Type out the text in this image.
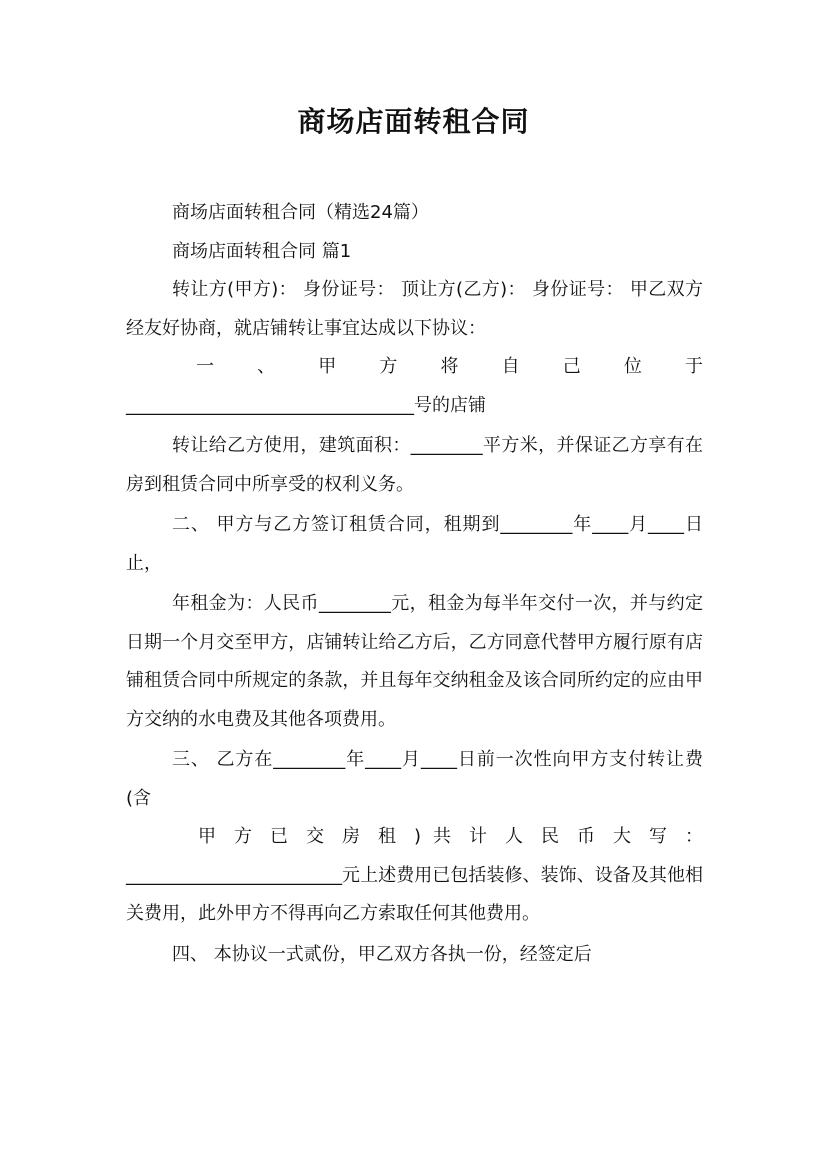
商场店面转租合同

商场店面转租合同（精选24篇）

商场店面转租合同 篇1

转让方(甲方)： 身份证号： 顶让方(乙方)： 身份证号： 甲乙双方经友好协商，就店铺转让事宜达成以下协议：

一 、 甲 方 将 自 己 位 于

________________________________号的店铺

转让给乙方使用，建筑面积：________平方米，并保证乙方享有在房到租赁合同中所享受的权利义务。

二、 甲方与乙方签订租赁合同，租期到________年____月____日止，

年租金为：人民币________元，租金为每半年交付一次，并与约定日期一个月交至甲方，店铺转让给乙方后，乙方同意代替甲方履行原有店铺租赁合同中所规定的条款，并且每年交纳租金及该合同所约定的应由甲方交纳的水电费及其他各项费用。

三、 乙方在________年____月____日前一次性向甲方支付转让费(含

甲 方 已 交 房 租 ) 共 计 人 民 币 大 写 ：

________________________元上述费用已包括装修、装饰、设备及其他相关费用，此外甲方不得再向乙方索取任何其他费用。

四、 本协议一式贰份，甲乙双方各执一份，经签定后
